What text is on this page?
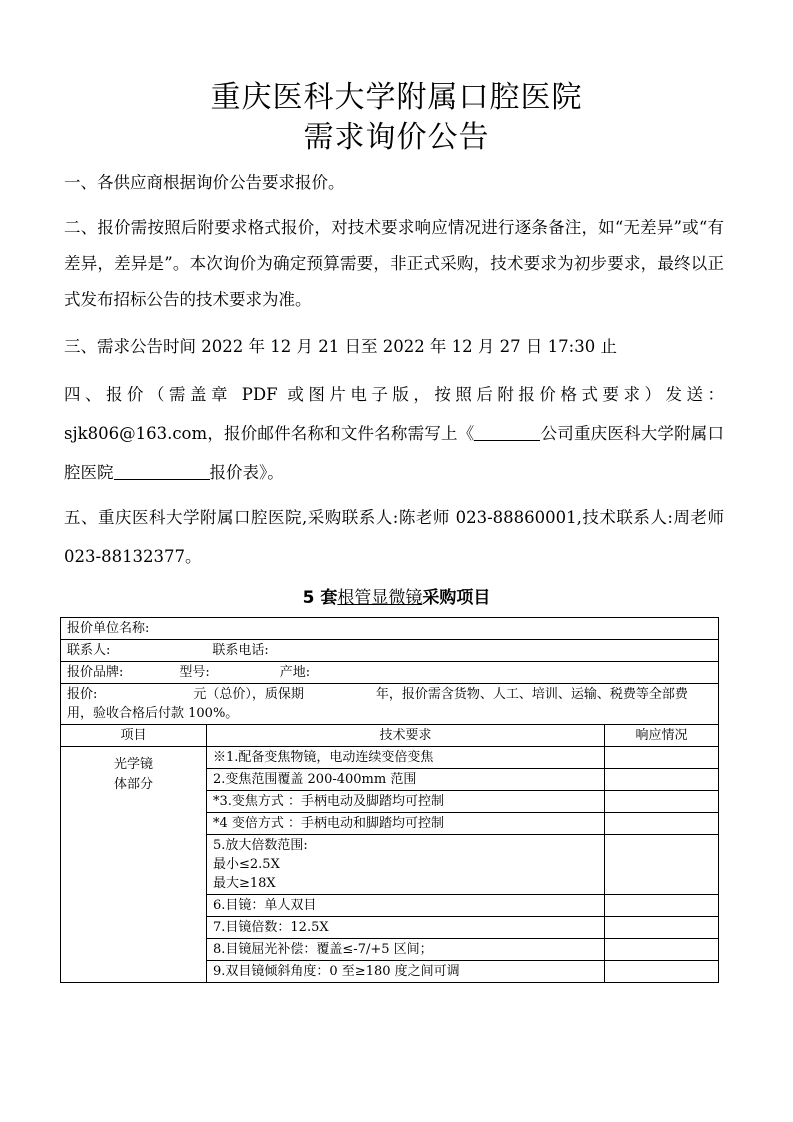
重庆医科大学附属口腔医院
需求询价公告
一、各供应商根据询价公告要求报价。
二、报价需按照后附要求格式报价，对技术要求响应情况进行逐条备注，如“无差异”或“有差异，差异是”。本次询价为确定预算需要，非正式采购，技术要求为初步要求，最终以正式发布招标公告的技术要求为准。
三、需求公告时间 2022 年 12 月 21 日至 2022 年 12 月 27 日 17:30 止
四、报价（需盖章 PDF 或图片电子版，按照后附报价格式要求）发送：sjk806@163.com，报价邮件名称和文件名称需写上《	公司重庆医科大学附属口腔医院	报价表》。
五、重庆医科大学附属口腔医院,采购联系人:陈老师 023-88860001,技术联系人:周老师 023-88132377。
5 套根管显微镜采购项目
报价单位名称:		
联系人: 联系电话:		
报价品牌: 型号: 产地:		
报价: 元（总价），质保期 年，报价需含货物、人工、培训、运输、税费等全部费用，验收合格后付款 100%。		
项目	技术要求	响应情况

光学镜
体部分	※1.配备变焦物镜，电动连续变倍变焦	
	2.变焦范围覆盖 200-400mm 范围	
	*3.变焦方式 ：手柄电动及脚踏均可控制	
	*4 变倍方式 ：手柄电动和脚踏均可控制	

	5.放大倍数范围:
最小≤2.5X
最大≥18X	

	6.目镜：单人双目	
	7.目镜倍数：12.5X	
	8.目镜屈光补偿：覆盖≤-7/+5 区间；	
	9.双目镜倾斜角度：0 至≥180 度之间可调	
